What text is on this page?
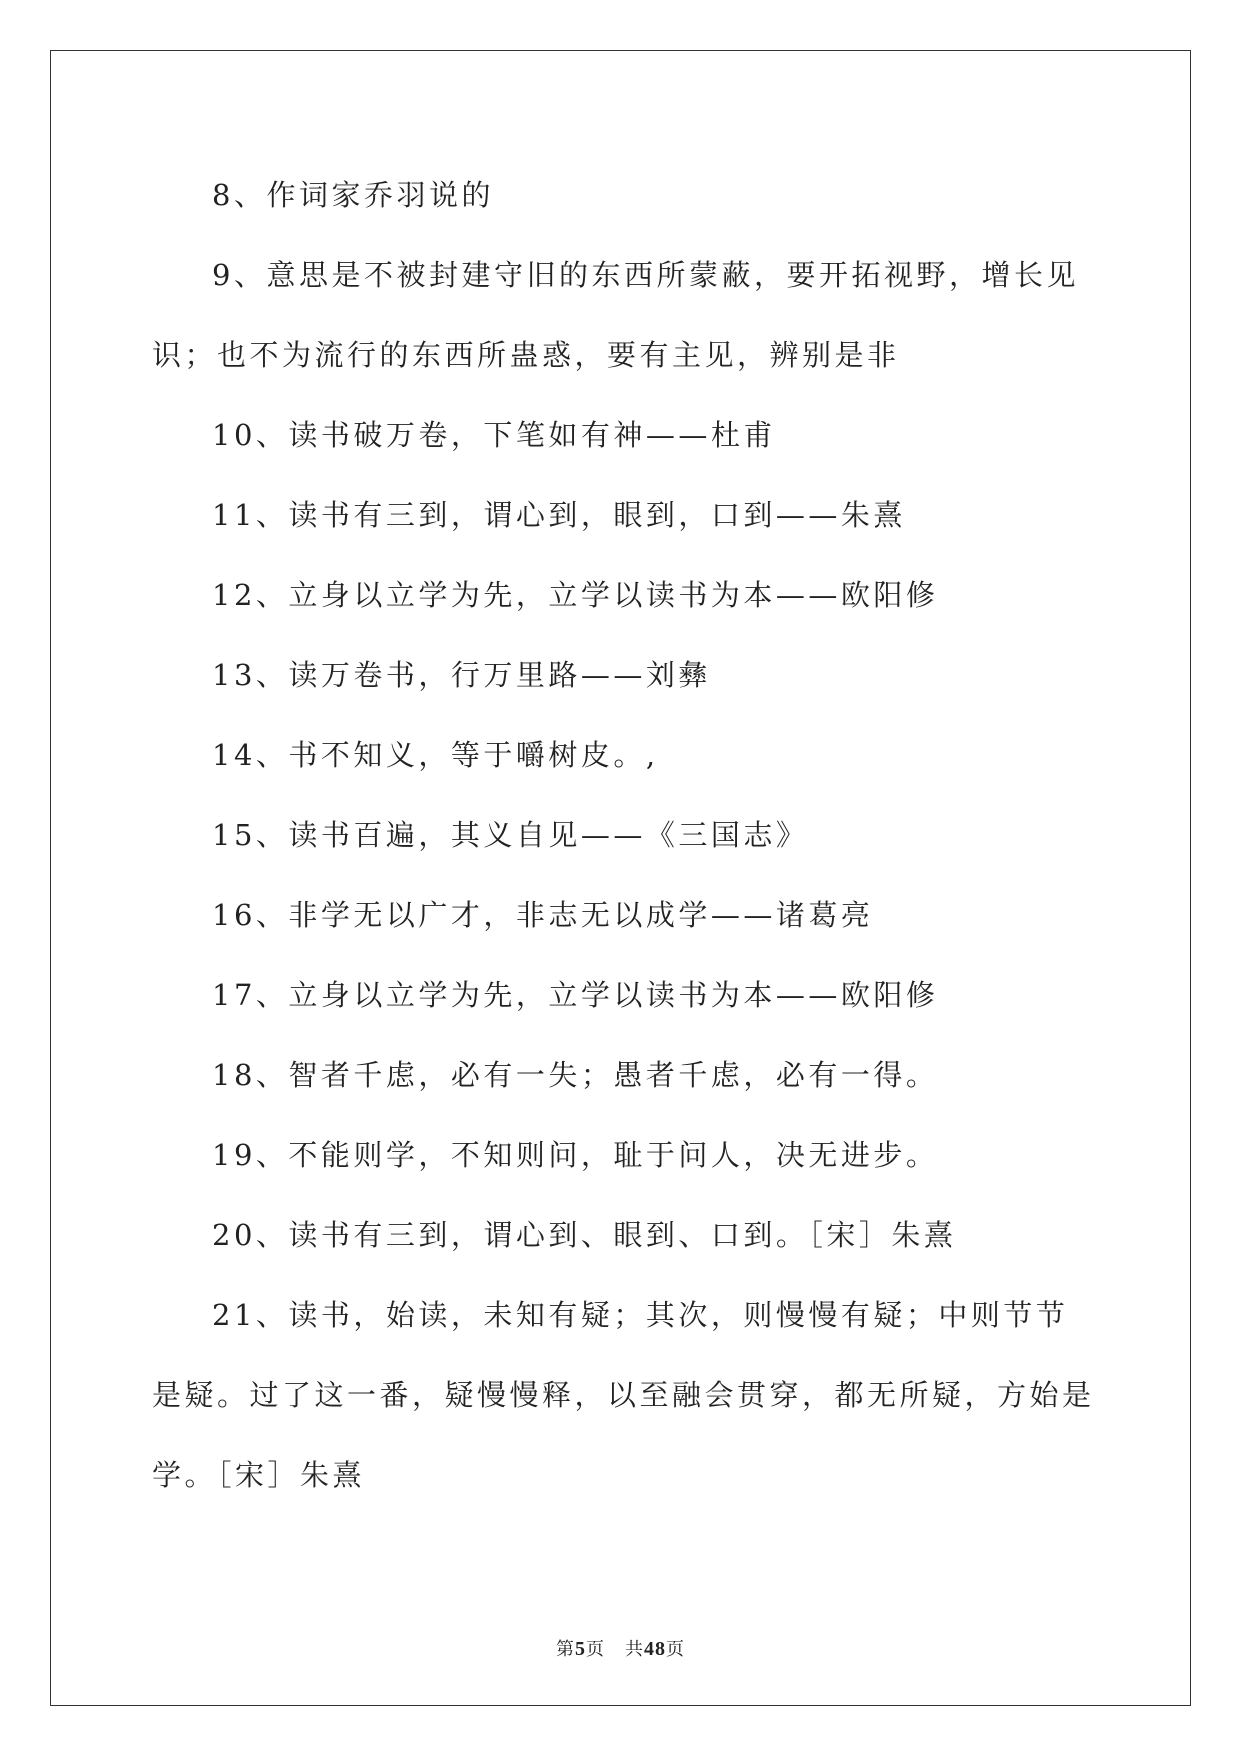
8、作词家乔羽说的

9、意思是不被封建守旧的东西所蒙蔽，要开拓视野，增长见识；也不为流行的东西所蛊惑，要有主见，辨别是非

10、读书破万卷，下笔如有神——杜甫

11、读书有三到，谓心到，眼到，口到——朱熹

12、立身以立学为先，立学以读书为本——欧阳修

13、读万卷书，行万里路——刘彝

14、书不知义，等于嚼树皮。,

15、读书百遍，其义自见——《三国志》

16、非学无以广才，非志无以成学——诸葛亮

17、立身以立学为先，立学以读书为本——欧阳修

18、智者千虑，必有一失；愚者千虑，必有一得。

19、不能则学，不知则问，耻于问人，决无进步。

20、读书有三到，谓心到、眼到、口到。［宋］朱熹

21、读书，始读，未知有疑；其次，则慢慢有疑；中则节节是疑。过了这一番，疑慢慢释，以至融会贯穿，都无所疑，方始是学。［宋］朱熹

第5页 共48页
